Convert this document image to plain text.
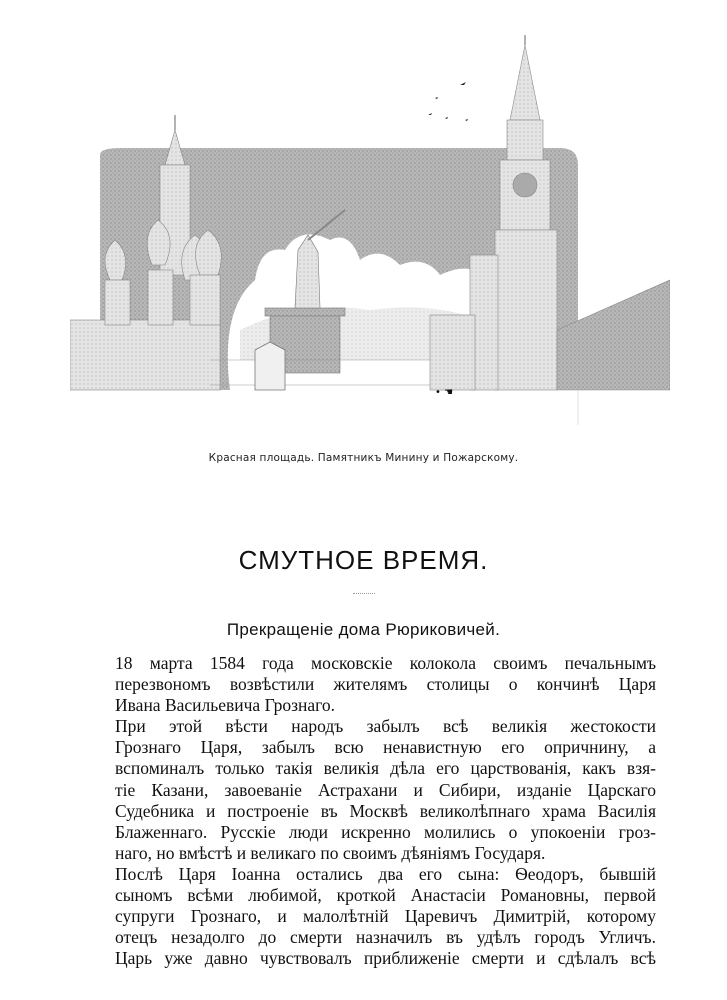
• ☚
Красная площадь. Памятникъ Минину и Пожарскому.
СМУТНОЕ ВРЕМЯ.
Прекращеніе дома Рюриковичей.
18 марта 1584 года московскіе колокола своимъ печальнымъ
перезвономъ возвѣстили жителямъ столицы о кончинѣ Царя
Ивана Васильевича Грознаго.
При этой вѣсти народъ забылъ всѣ великія жестокости
Грознаго Царя, забылъ всю ненавистную его опричнину, а
вспоминалъ только такія великія дѣла его царствованія, какъ взя-
тіе Казани, завоеваніе Астрахани и Сибири, изданіе Царскаго
Судебника и построеніе въ Москвѣ великолѣпнаго храма Василія
Блаженнаго. Русскіе люди искренно молились о упокоеніи гроз-
наго, но вмѣстѣ и великаго по своимъ дѣяніямъ Государя.
Послѣ Царя Іоанна остались два его сына: Ѳеодоръ, бывшій
сыномъ всѣми любимой, кроткой Анастасіи Романовны, первой
супруги Грознаго, и малолѣтній Царевичъ Димитрій, которому
отецъ незадолго до смерти назначилъ въ удѣлъ городъ Угличъ.
Царь уже давно чувствовалъ приближеніе смерти и сдѣлалъ всѣ
